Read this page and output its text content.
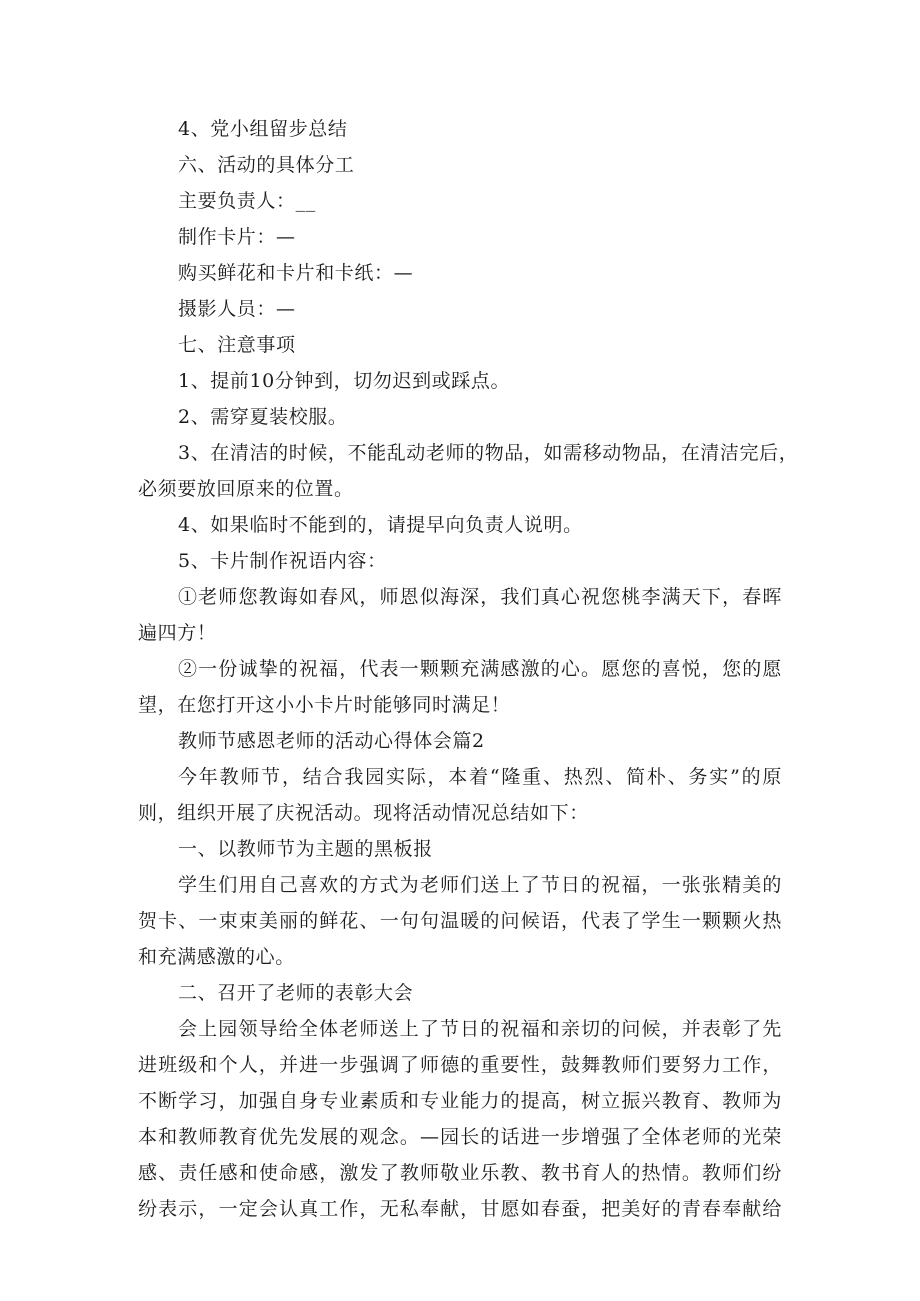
4、党小组留步总结
六、活动的具体分工
主要负责人：__
制作卡片：—
购买鲜花和卡片和卡纸：—
摄影人员：—
七、注意事项
1、提前10分钟到，切勿迟到或踩点。
2、需穿夏装校服。
3、在清洁的时候，不能乱动老师的物品，如需移动物品，在清洁完后，
必须要放回原来的位置。
4、如果临时不能到的，请提早向负责人说明。
5、卡片制作祝语内容：
①老师您教诲如春风，师恩似海深，我们真心祝您桃李满天下，春晖
遍四方！
②一份诚挚的祝福，代表一颗颗充满感激的心。愿您的喜悦，您的愿
望，在您打开这小小卡片时能够同时满足！
教师节感恩老师的活动心得体会篇2
今年教师节，结合我园实际，本着“隆重、热烈、简朴、务实”的原
则，组织开展了庆祝活动。现将活动情况总结如下：
一、以教师节为主题的黑板报
学生们用自己喜欢的方式为老师们送上了节日的祝福，一张张精美的
贺卡、一束束美丽的鲜花、一句句温暖的问候语，代表了学生一颗颗火热
和充满感激的心。
二、召开了老师的表彰大会
会上园领导给全体老师送上了节日的祝福和亲切的问候，并表彰了先
进班级和个人，并进一步强调了师德的重要性，鼓舞教师们要努力工作，
不断学习，加强自身专业素质和专业能力的提高，树立振兴教育、教师为
本和教师教育优先发展的观念。—园长的话进一步增强了全体老师的光荣
感、责任感和使命感，激发了教师敬业乐教、教书育人的热情。教师们纷
纷表示，一定会认真工作，无私奉献，甘愿如春蚕，把美好的青春奉献给
